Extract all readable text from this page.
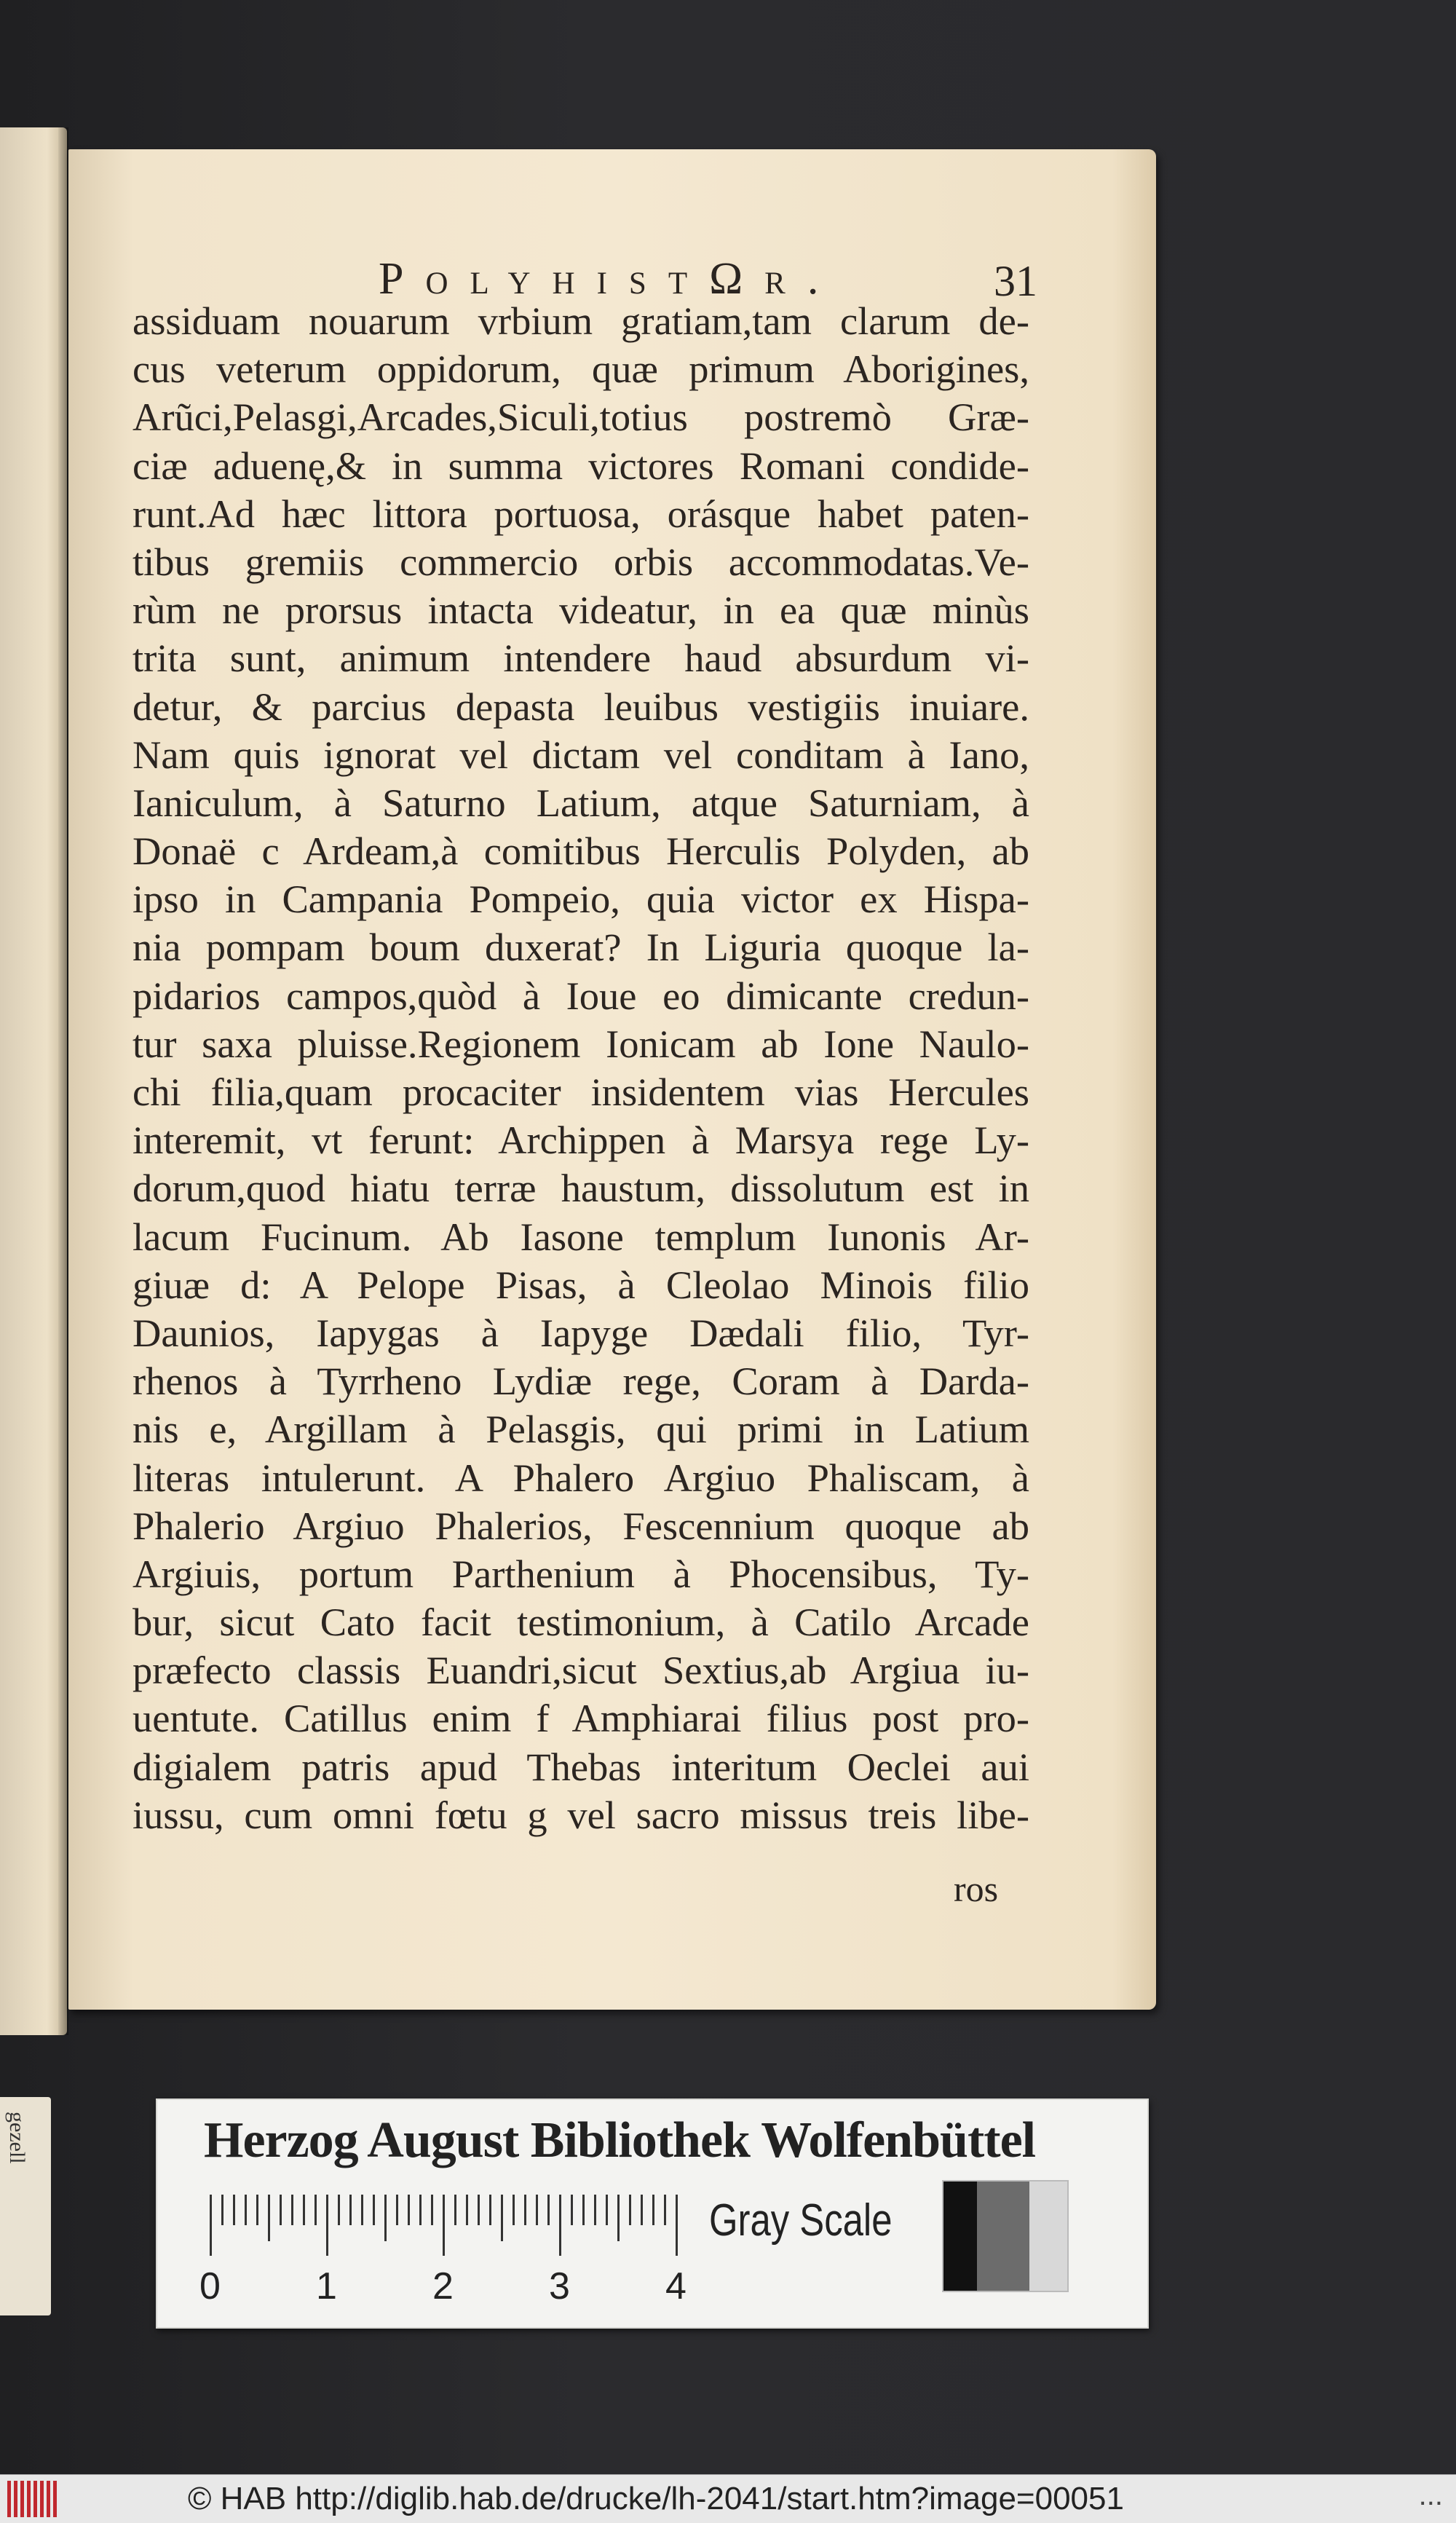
gezell
PolyhistΩr.	31
assiduam nouarum vrbium gratiam,tam clarum de-
cus veterum oppidorum, quæ primum Aborigines,
Arũci,Pelasgi,Arcades,Siculi,totius postremò Græ-
ciæ aduenę,& in summa victores Romani condide-
runt.Ad hæc littora portuosa, orásque habet paten-
tibus gremiis commercio orbis accommodatas.Ve-
rùm ne prorsus intacta videatur, in ea quæ minùs
trita sunt, animum intendere haud absurdum vi-
detur, & parcius depasta leuibus vestigiis inuiare.
Nam quis ignorat vel dictam vel conditam à Iano,
Ianiculum, à Saturno Latium, atque Saturniam, à
Donaë c Ardeam,à comitibus Herculis Polyden, ab
ipso in Campania Pompeio, quia victor ex Hispa-
nia pompam boum duxerat? In Liguria quoque la-
pidarios campos,quòd à Ioue eo dimicante credun-
tur saxa pluisse.Regionem Ionicam ab Ione Naulo-
chi filia,quam procaciter insidentem vias Hercules
interemit, vt ferunt: Archippen à Marsya rege Ly-
dorum,quod hiatu terræ haustum, dissolutum est in
lacum Fucinum. Ab Iasone templum Iunonis Ar-
giuæ d: A Pelope Pisas, à Cleolao Minois filio
Daunios, Iapygas à Iapyge Dædali filio, Tyr-
rhenos à Tyrrheno Lydiæ rege, Coram à Darda-
nis e, Argillam à Pelasgis, qui primi in Latium
literas intulerunt. A Phalero Argiuo Phaliscam, à
Phalerio Argiuo Phalerios, Fescennium quoque ab
Argiuis, portum Parthenium à Phocensibus, Ty-
bur, sicut Cato facit testimonium, à Catilo Arcade
præfecto classis Euandri,sicut Sextius,ab Argiua iu-
uentute. Catillus enim f Amphiarai filius post pro-
digialem patris apud Thebas interitum Oeclei aui
iussu, cum omni fœtu g vel sacro missus treis libe-
ros
Herzog August Bibliothek Wolfenbüttel
Gray Scale
0	1	2	3	4
© HAB http://diglib.hab.de/drucke/lh-2041/start.htm?image=00051	...
